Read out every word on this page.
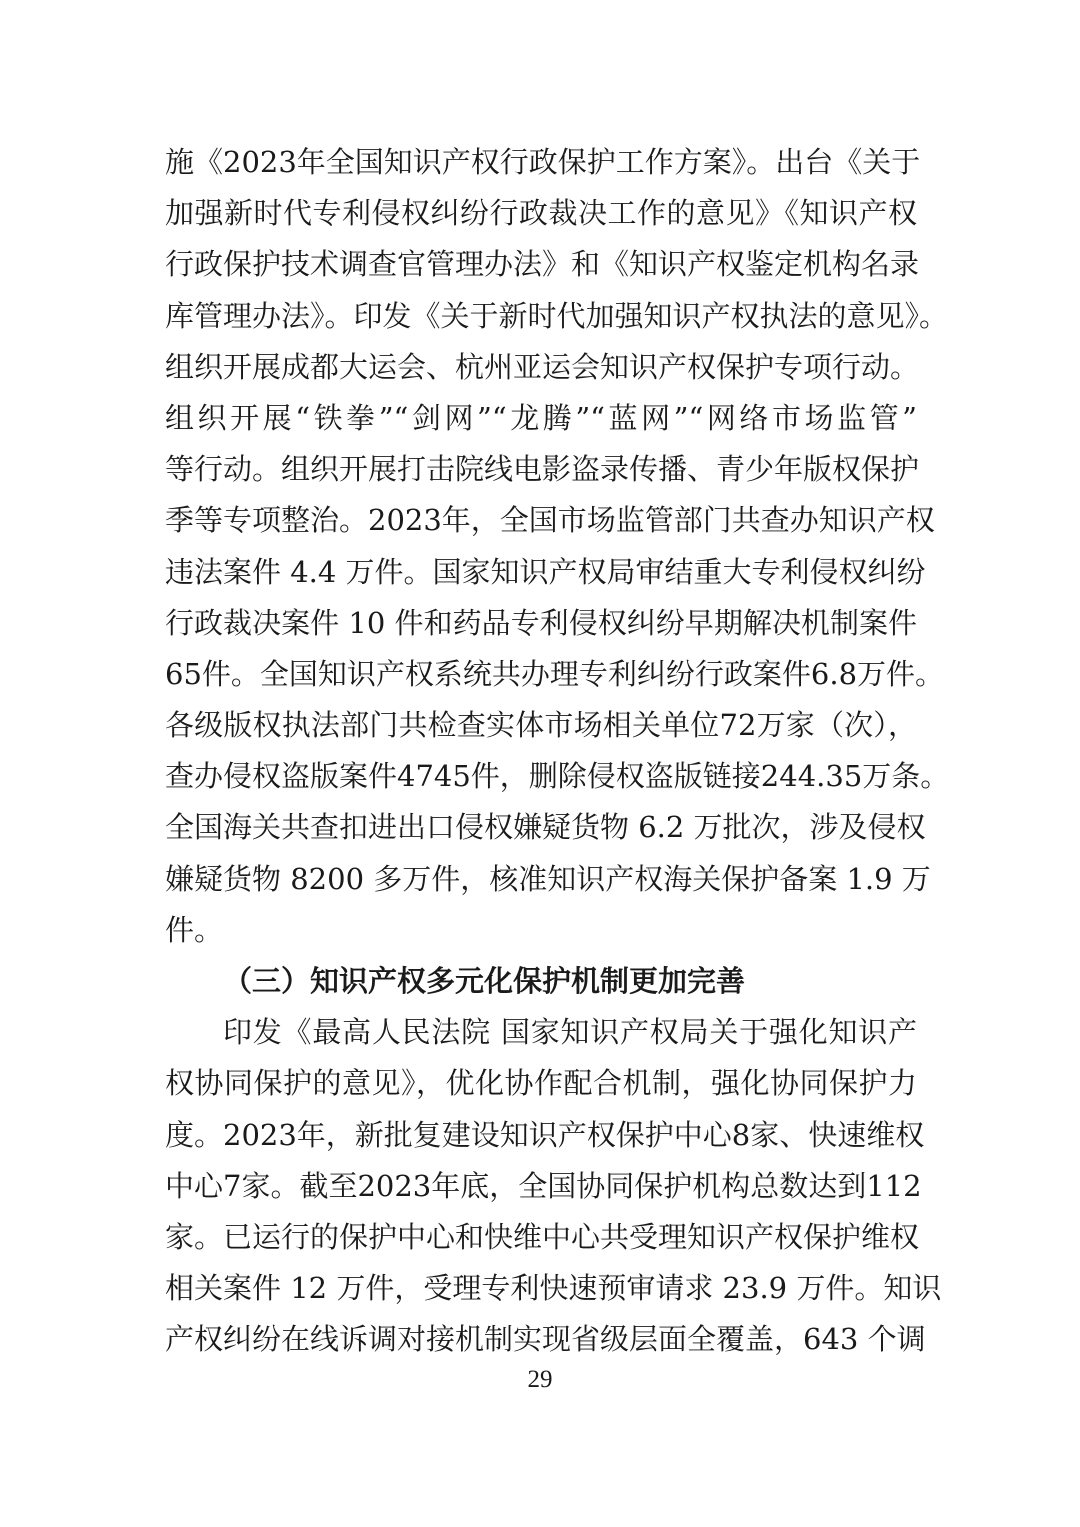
施《2023年全国知识产权行政保护工作方案》。出台《关于
加强新时代专利侵权纠纷行政裁决工作的意见》《知识产权
行政保护技术调查官管理办法》和《知识产权鉴定机构名录
库管理办法》。印发《关于新时代加强知识产权执法的意见》。
组织开展成都大运会、杭州亚运会知识产权保护专项行动。
组织开展“铁拳”“剑网”“龙腾”“蓝网”“网络市场监管”
等行动。组织开展打击院线电影盗录传播、青少年版权保护
季等专项整治。2023年，全国市场监管部门共查办知识产权
违法案件 4.4 万件。国家知识产权局审结重大专利侵权纠纷
行政裁决案件 10 件和药品专利侵权纠纷早期解决机制案件
65件。全国知识产权系统共办理专利纠纷行政案件6.8万件。
各级版权执法部门共检查实体市场相关单位72万家（次），
查办侵权盗版案件4745件，删除侵权盗版链接244.35万条。
全国海关共查扣进出口侵权嫌疑货物 6.2 万批次，涉及侵权
嫌疑货物 8200 多万件，核准知识产权海关保护备案 1.9 万
件。
（三）知识产权多元化保护机制更加完善
印发《最高人民法院 国家知识产权局关于强化知识产
权协同保护的意见》，优化协作配合机制，强化协同保护力
度。2023年，新批复建设知识产权保护中心8家、快速维权
中心7家。截至2023年底，全国协同保护机构总数达到112
家。已运行的保护中心和快维中心共受理知识产权保护维权
相关案件 12 万件，受理专利快速预审请求 23.9 万件。知识
产权纠纷在线诉调对接机制实现省级层面全覆盖，643 个调
29
